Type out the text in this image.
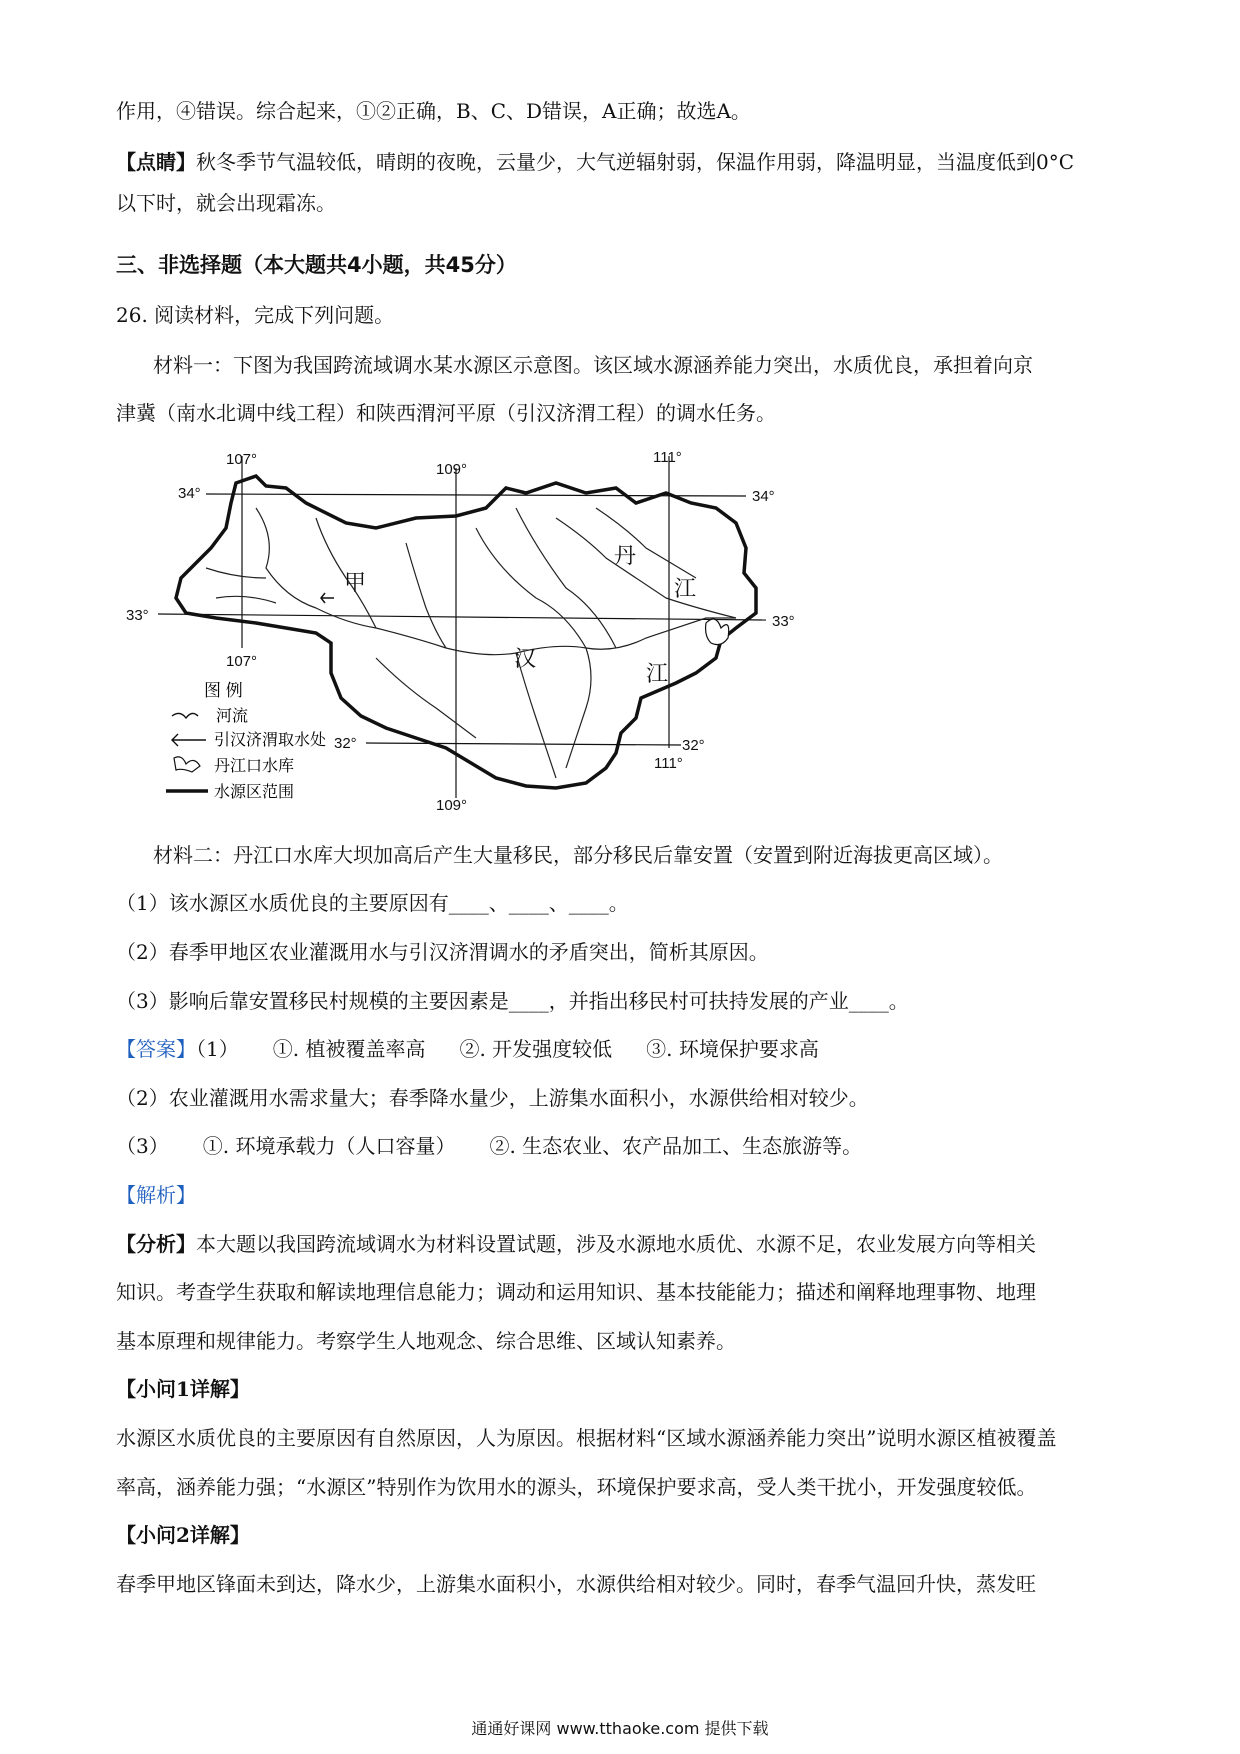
作用，④错误。综合起来，①②正确，B、C、D错误，A正确；故选A。
【点睛】秋冬季节气温较低，晴朗的夜晚，云量少，大气逆辐射弱，保温作用弱，降温明显，当温度低到0°C
以下时，就会出现霜冻。
三、非选择题（本大题共4小题，共45分）
26. 阅读材料，完成下列问题。
材料一：下图为我国跨流域调水某水源区示意图。该区域水源涵养能力突出，水质优良，承担着向京
津冀（南水北调中线工程）和陕西渭河平原（引汉济渭工程）的调水任务。
107°
109°
111°
107°
109°
111°
34°	34°
33°	33°
32°	32°
甲
汉
丹
江
江
图 例
河流
引汉济渭取水处
丹江口水库
水源区范围
材料二：丹江口水库大坝加高后产生大量移民，部分移民后靠安置（安置到附近海拔更高区域）。
（1）该水源区水质优良的主要原因有____、____、____。
（2）春季甲地区农业灌溉用水与引汉济渭调水的矛盾突出，简析其原因。
（3）影响后靠安置移民村规模的主要因素是____，并指出移民村可扶持发展的产业____。
【答案】（1） ①. 植被覆盖率高 ②. 开发强度较低 ③. 环境保护要求高
（2）农业灌溉用水需求量大；春季降水量少，上游集水面积小，水源供给相对较少。
（3） ①. 环境承载力（人口容量） ②. 生态农业、农产品加工、生态旅游等。
【解析】
【分析】本大题以我国跨流域调水为材料设置试题，涉及水源地水质优、水源不足，农业发展方向等相关
知识。考查学生获取和解读地理信息能力；调动和运用知识、基本技能能力；描述和阐释地理事物、地理
基本原理和规律能力。考察学生人地观念、综合思维、区域认知素养。
【小问1详解】
水源区水质优良的主要原因有自然原因，人为原因。根据材料“区域水源涵养能力突出”说明水源区植被覆盖
率高，涵养能力强；“水源区”特别作为饮用水的源头，环境保护要求高，受人类干扰小，开发强度较低。
【小问2详解】
春季甲地区锋面未到达，降水少，上游集水面积小，水源供给相对较少。同时，春季气温回升快，蒸发旺
通通好课网 www.tthaoke.com 提供下载
